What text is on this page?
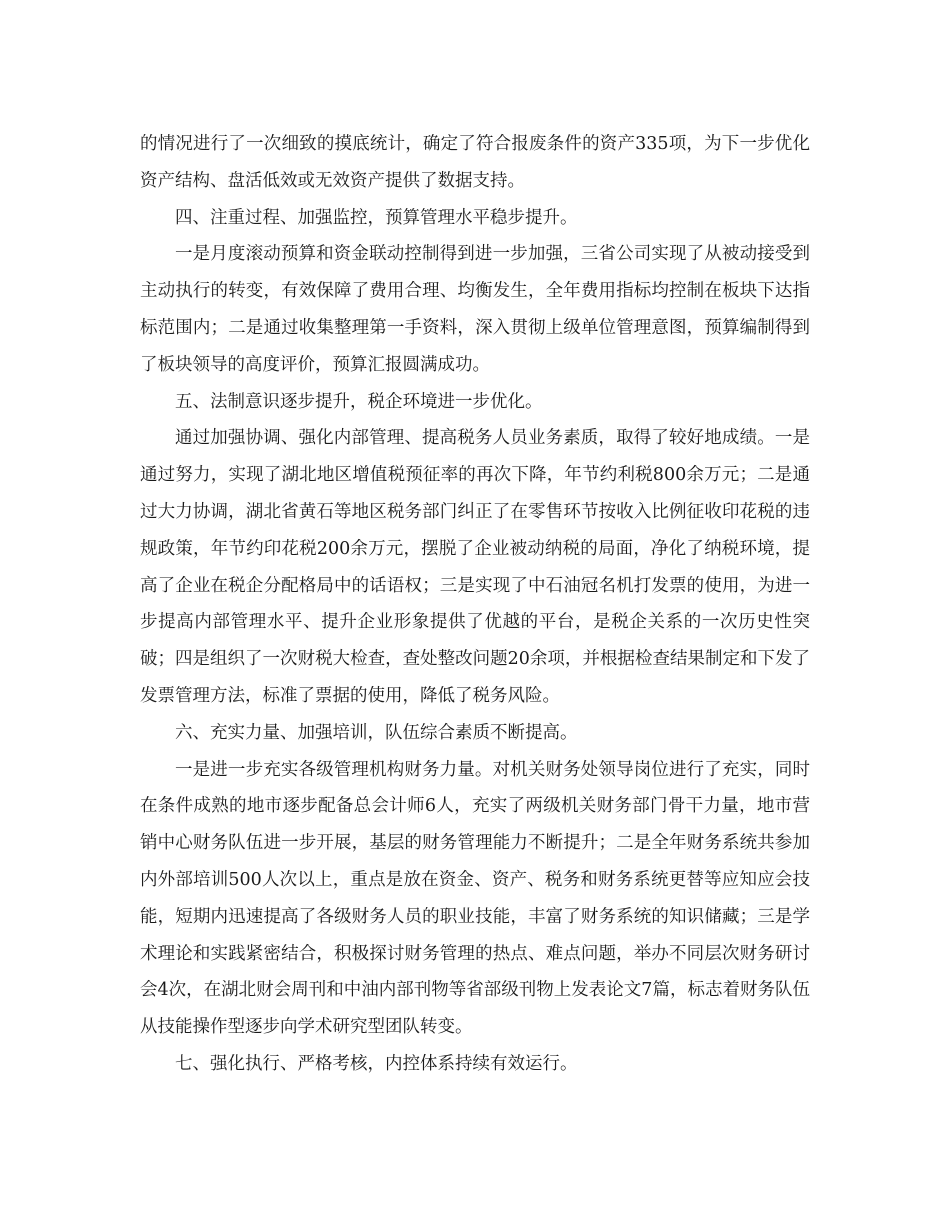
的情况进行了一次细致的摸底统计，确定了符合报废条件的资产335项，为下一步优化资产结构、盘活低效或无效资产提供了数据支持。

四、注重过程、加强监控，预算管理水平稳步提升。

一是月度滚动预算和资金联动控制得到进一步加强，三省公司实现了从被动接受到主动执行的转变，有效保障了费用合理、均衡发生，全年费用指标均控制在板块下达指标范围内；二是通过收集整理第一手资料，深入贯彻上级单位管理意图，预算编制得到了板块领导的高度评价，预算汇报圆满成功。

五、法制意识逐步提升，税企环境进一步优化。

通过加强协调、强化内部管理、提高税务人员业务素质，取得了较好地成绩。一是通过努力，实现了湖北地区增值税预征率的再次下降，年节约利税800余万元；二是通过大力协调，湖北省黄石等地区税务部门纠正了在零售环节按收入比例征收印花税的违规政策，年节约印花税200余万元，摆脱了企业被动纳税的局面，净化了纳税环境，提高了企业在税企分配格局中的话语权；三是实现了中石油冠名机打发票的使用，为进一步提高内部管理水平、提升企业形象提供了优越的平台，是税企关系的一次历史性突破；四是组织了一次财税大检查，查处整改问题20余项，并根据检查结果制定和下发了发票管理方法，标准了票据的使用，降低了税务风险。

六、充实力量、加强培训，队伍综合素质不断提高。

一是进一步充实各级管理机构财务力量。对机关财务处领导岗位进行了充实，同时在条件成熟的地市逐步配备总会计师6人，充实了两级机关财务部门骨干力量，地市营销中心财务队伍进一步开展，基层的财务管理能力不断提升；二是全年财务系统共参加内外部培训500人次以上，重点是放在资金、资产、税务和财务系统更替等应知应会技能，短期内迅速提高了各级财务人员的职业技能，丰富了财务系统的知识储藏；三是学术理论和实践紧密结合，积极探讨财务管理的热点、难点问题，举办不同层次财务研讨会4次，在湖北财会周刊和中油内部刊物等省部级刊物上发表论文7篇，标志着财务队伍从技能操作型逐步向学术研究型团队转变。

七、强化执行、严格考核，内控体系持续有效运行。
